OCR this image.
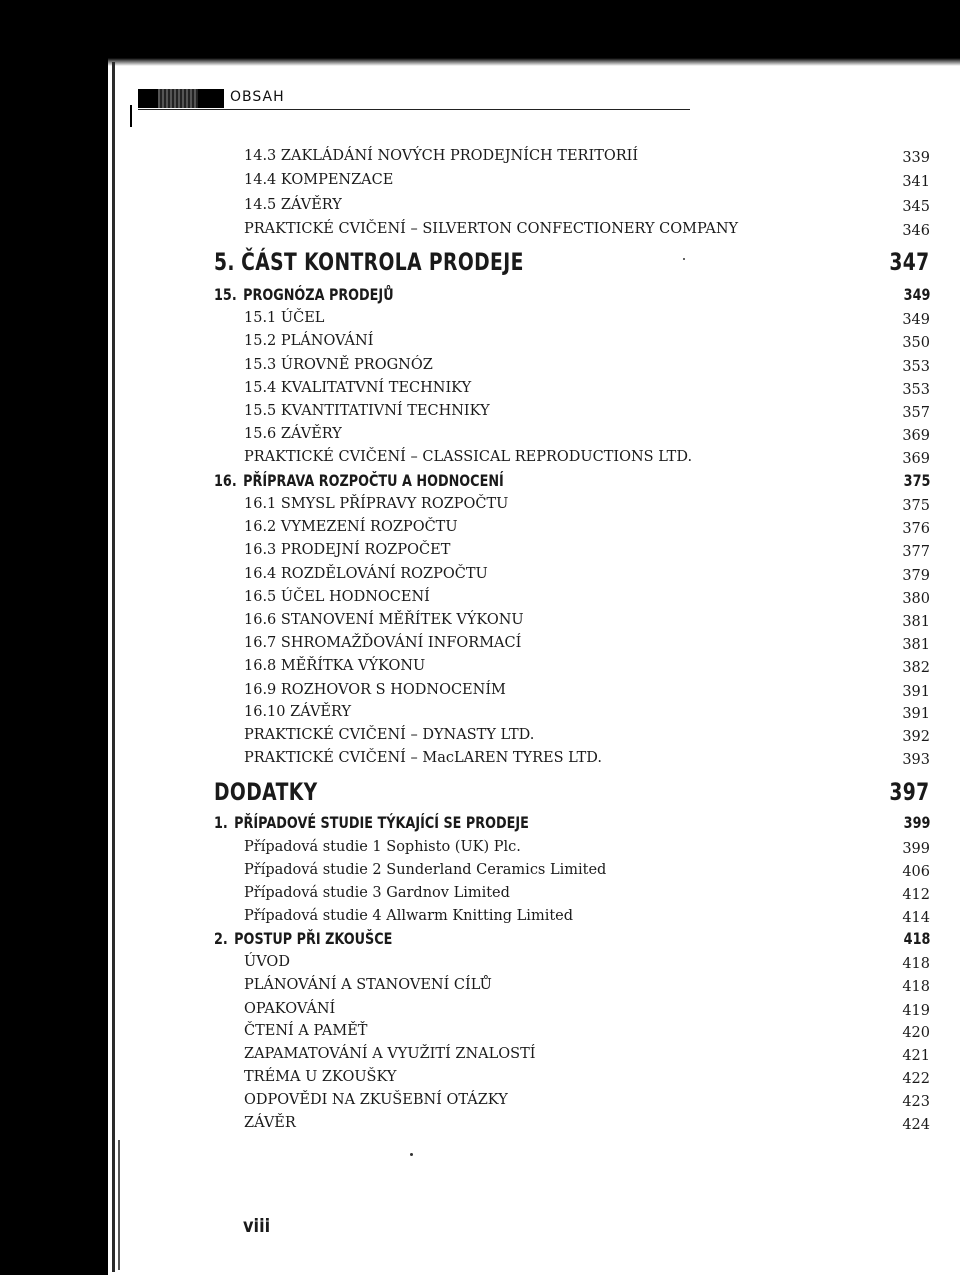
OBSAH
14.3 ZAKLÁDÁNÍ NOVÝCH PRODEJNÍCH TERITORIÍ	339
14.4 KOMPENZACE	341
14.5 ZÁVĚRY	345
PRAKTICKÉ CVIČENÍ – SILVERTON CONFECTIONERY COMPANY	346
5. ČÁST KONTROLA PRODEJE	347
15. PROGNÓZA PRODEJŮ	349
15.1 ÚČEL	349
15.2 PLÁNOVÁNÍ	350
15.3 ÚROVNĚ PROGNÓZ	353
15.4 KVALITATVNÍ TECHNIKY	353
15.5 KVANTITATIVNÍ TECHNIKY	357
15.6 ZÁVĚRY	369
PRAKTICKÉ CVIČENÍ – CLASSICAL REPRODUCTIONS LTD.	369
16. PŘÍPRAVA ROZPOČTU A HODNOCENÍ	375
16.1 SMYSL PŘÍPRAVY ROZPOČTU	375
16.2 VYMEZENÍ ROZPOČTU	376
16.3 PRODEJNÍ ROZPOČET	377
16.4 ROZDĚLOVÁNÍ ROZPOČTU	379
16.5 ÚČEL HODNOCENÍ	380
16.6 STANOVENÍ MĚŘÍTEK VÝKONU	381
16.7 SHROMAŽĎOVÁNÍ INFORMACÍ	381
16.8 MĚŘÍTKA VÝKONU	382
16.9 ROZHOVOR S HODNOCENÍM	391
16.10 ZÁVĚRY	391
PRAKTICKÉ CVIČENÍ – DYNASTY LTD.	392
PRAKTICKÉ CVIČENÍ – MacLAREN TYRES LTD.	393
DODATKY	397
1. PŘÍPADOVÉ STUDIE TÝKAJÍCÍ SE PRODEJE	399
Případová studie 1 Sophisto (UK) Plc.	399
Případová studie 2 Sunderland Ceramics Limited	406
Případová studie 3 Gardnov Limited	412
Případová studie 4 Allwarm Knitting Limited	414
2. POSTUP PŘI ZKOUŠCE	418
ÚVOD	418
PLÁNOVÁNÍ A STANOVENÍ CÍLŮ	418
OPAKOVÁNÍ	419
ČTENÍ A PAMĚŤ	420
ZAPAMATOVÁNÍ A VYUŽITÍ ZNALOSTÍ	421
TRÉMA U ZKOUŠKY	422
ODPOVĚDI NA ZKUŠEBNÍ OTÁZKY	423
ZÁVĚR	424
viii
